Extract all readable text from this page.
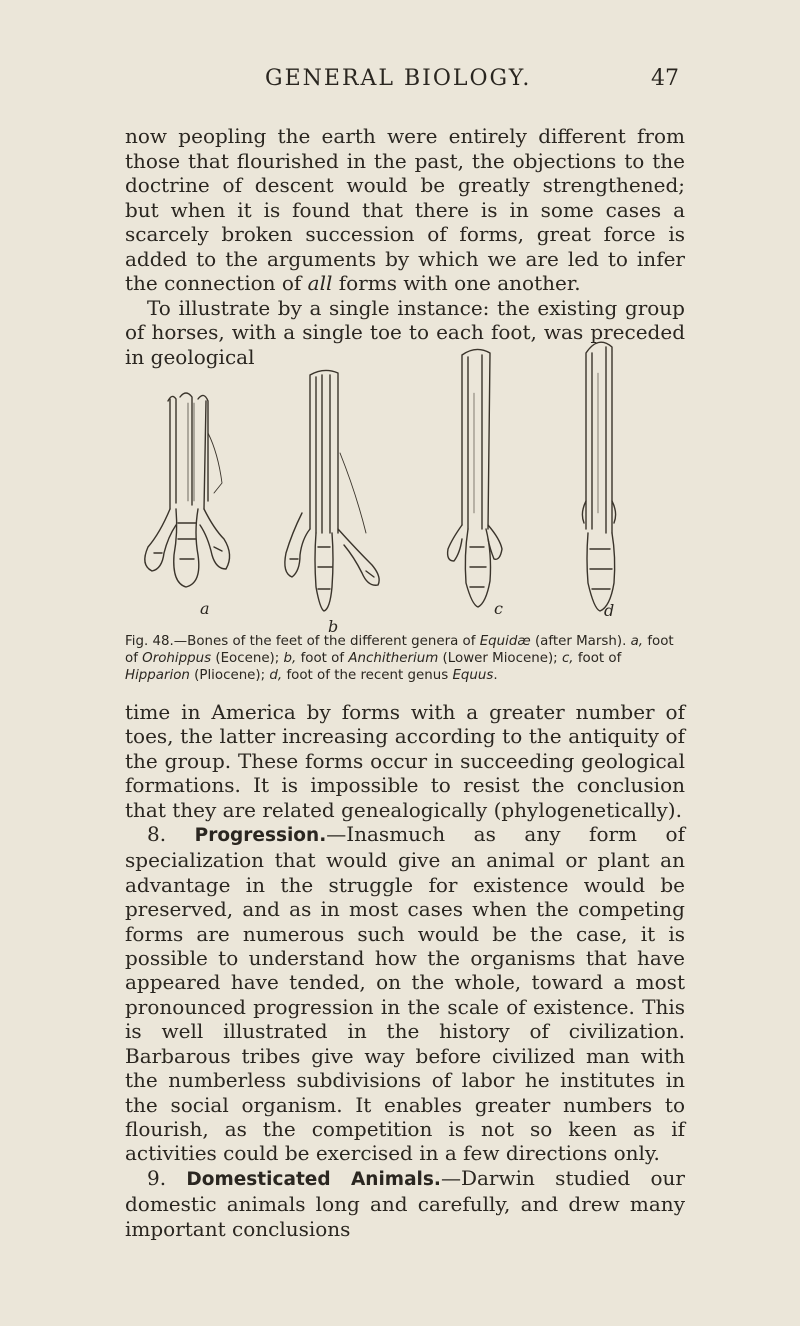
GENERAL BIOLOGY.	47

now peopling the earth were entirely different from those that flourished in the past, the objections to the doctrine of descent would be greatly strengthened; but when it is found that there is in some cases a scarcely broken succession of forms, great force is added to the arguments by which we are led to infer the connection of all forms with one another.

To illustrate by a single instance: the existing group of horses, with a single toe to each foot, was preceded in geological

a
b
c	d

Fig. 48.—Bones of the feet of the different genera of Equidæ (after Marsh). a, foot of Orohippus (Eocene); b, foot of Anchitherium (Lower Miocene); c, foot of Hipparion (Pliocene); d, foot of the recent genus Equus.

time in America by forms with a greater number of toes, the latter increasing according to the antiquity of the group. These forms occur in succeeding geological formations. It is impossible to resist the conclusion that they are related genealogically (phylogenetically).

8. Progression.—Inasmuch as any form of specialization that would give an animal or plant an advantage in the struggle for existence would be preserved, and as in most cases when the competing forms are numerous such would be the case, it is possible to understand how the organisms that have appeared have tended, on the whole, toward a most pronounced progression in the scale of existence. This is well illustrated in the history of civilization. Barbarous tribes give way before civilized man with the numberless subdivisions of labor he institutes in the social organism. It enables greater numbers to flourish, as the competition is not so keen as if activities could be exercised in a few directions only.

9. Domesticated Animals.—Darwin studied our domestic animals long and carefully, and drew many important conclusions
